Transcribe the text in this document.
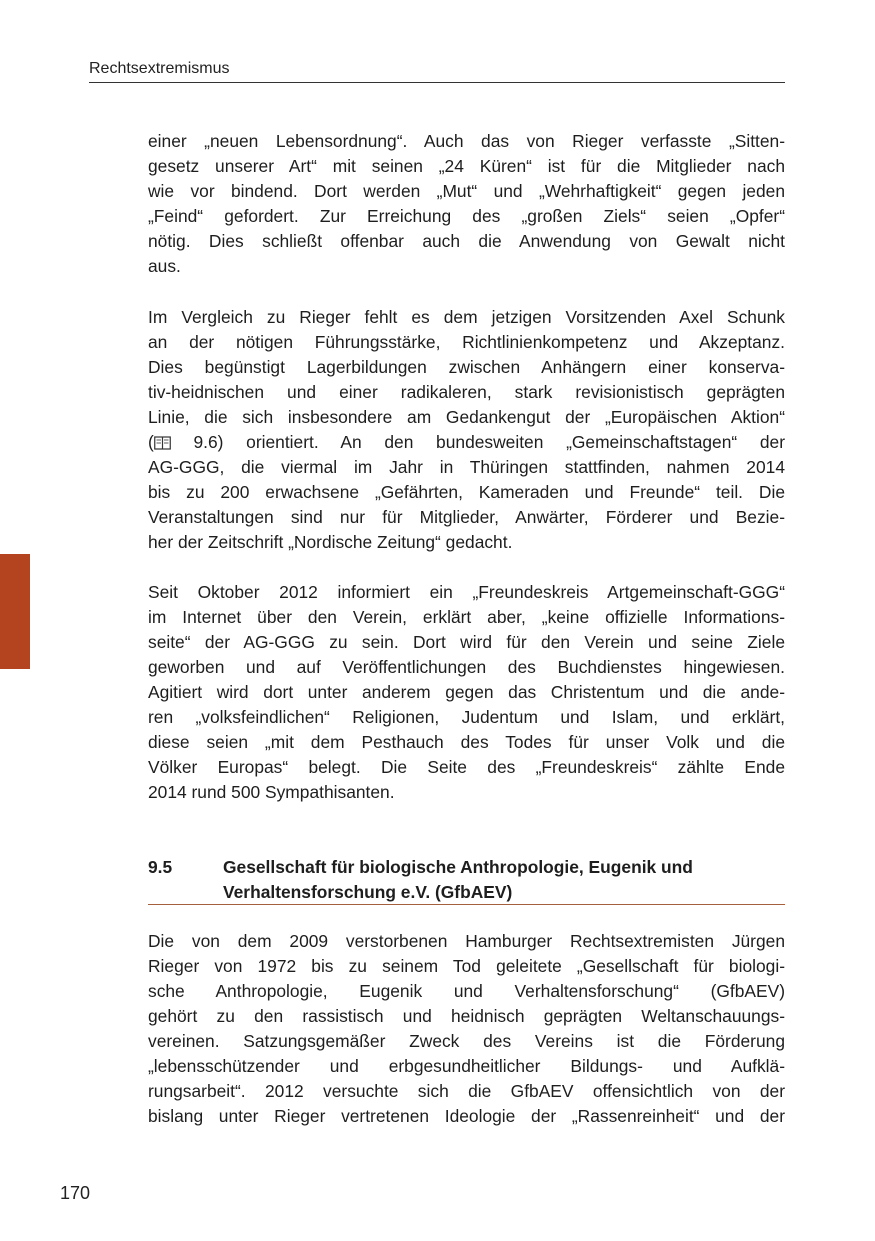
Rechtsextremismus

einer „neuen Lebensordnung“. Auch das von Rieger verfasste „Sitten-
gesetz unserer Art“ mit seinen „24 Küren“ ist für die Mitglieder nach
wie vor bindend. Dort werden „Mut“ und „Wehrhaftigkeit“ gegen jeden
„Feind“ gefordert. Zur Erreichung des „großen Ziels“ seien „Opfer“
nötig. Dies schließt offenbar auch die Anwendung von Gewalt nicht
aus.

Im Vergleich zu Rieger fehlt es dem jetzigen Vorsitzenden Axel Schunk
an der nötigen Führungsstärke, Richtlinienkompetenz und Akzeptanz.
Dies begünstigt Lagerbildungen zwischen Anhängern einer konserva-
tiv-heidnischen und einer radikaleren, stark revisionistisch geprägten
Linie, die sich insbesondere am Gedankengut der „Europäischen Aktion“
( 9.6) orientiert. An den bundesweiten „Gemeinschaftstagen“ der
AG-GGG, die viermal im Jahr in Thüringen stattfinden, nahmen 2014
bis zu 200 erwachsene „Gefährten, Kameraden und Freunde“ teil. Die
Veranstaltungen sind nur für Mitglieder, Anwärter, Förderer und Bezie-
her der Zeitschrift „Nordische Zeitung“ gedacht.

Seit Oktober 2012 informiert ein „Freundeskreis Artgemeinschaft-GGG“
im Internet über den Verein, erklärt aber, „keine offizielle Informations-
seite“ der AG-GGG zu sein. Dort wird für den Verein und seine Ziele
geworben und auf Veröffentlichungen des Buchdienstes hingewiesen.
Agitiert wird dort unter anderem gegen das Christentum und die ande-
ren „volksfeindlichen“ Religionen, Judentum und Islam, und erklärt,
diese seien „mit dem Pesthauch des Todes für unser Volk und die
Völker Europas“ belegt. Die Seite des „Freundeskreis“ zählte Ende
2014 rund 500 Sympathisanten.

9.5	Gesellschaft für biologische Anthropologie, Eugenik und
Verhaltensforschung e.V. (GfbAEV)

Die von dem 2009 verstorbenen Hamburger Rechtsextremisten Jürgen
Rieger von 1972 bis zu seinem Tod geleitete „Gesellschaft für biologi-
sche Anthropologie, Eugenik und Verhaltensforschung“ (GfbAEV)
gehört zu den rassistisch und heidnisch geprägten Weltanschauungs-
vereinen. Satzungsgemäßer Zweck des Vereins ist die Förderung
„lebensschützender und erbgesundheitlicher Bildungs- und Aufklä-
rungsarbeit“. 2012 versuchte sich die GfbAEV offensichtlich von der
bislang unter Rieger vertretenen Ideologie der „Rassenreinheit“ und der

170
